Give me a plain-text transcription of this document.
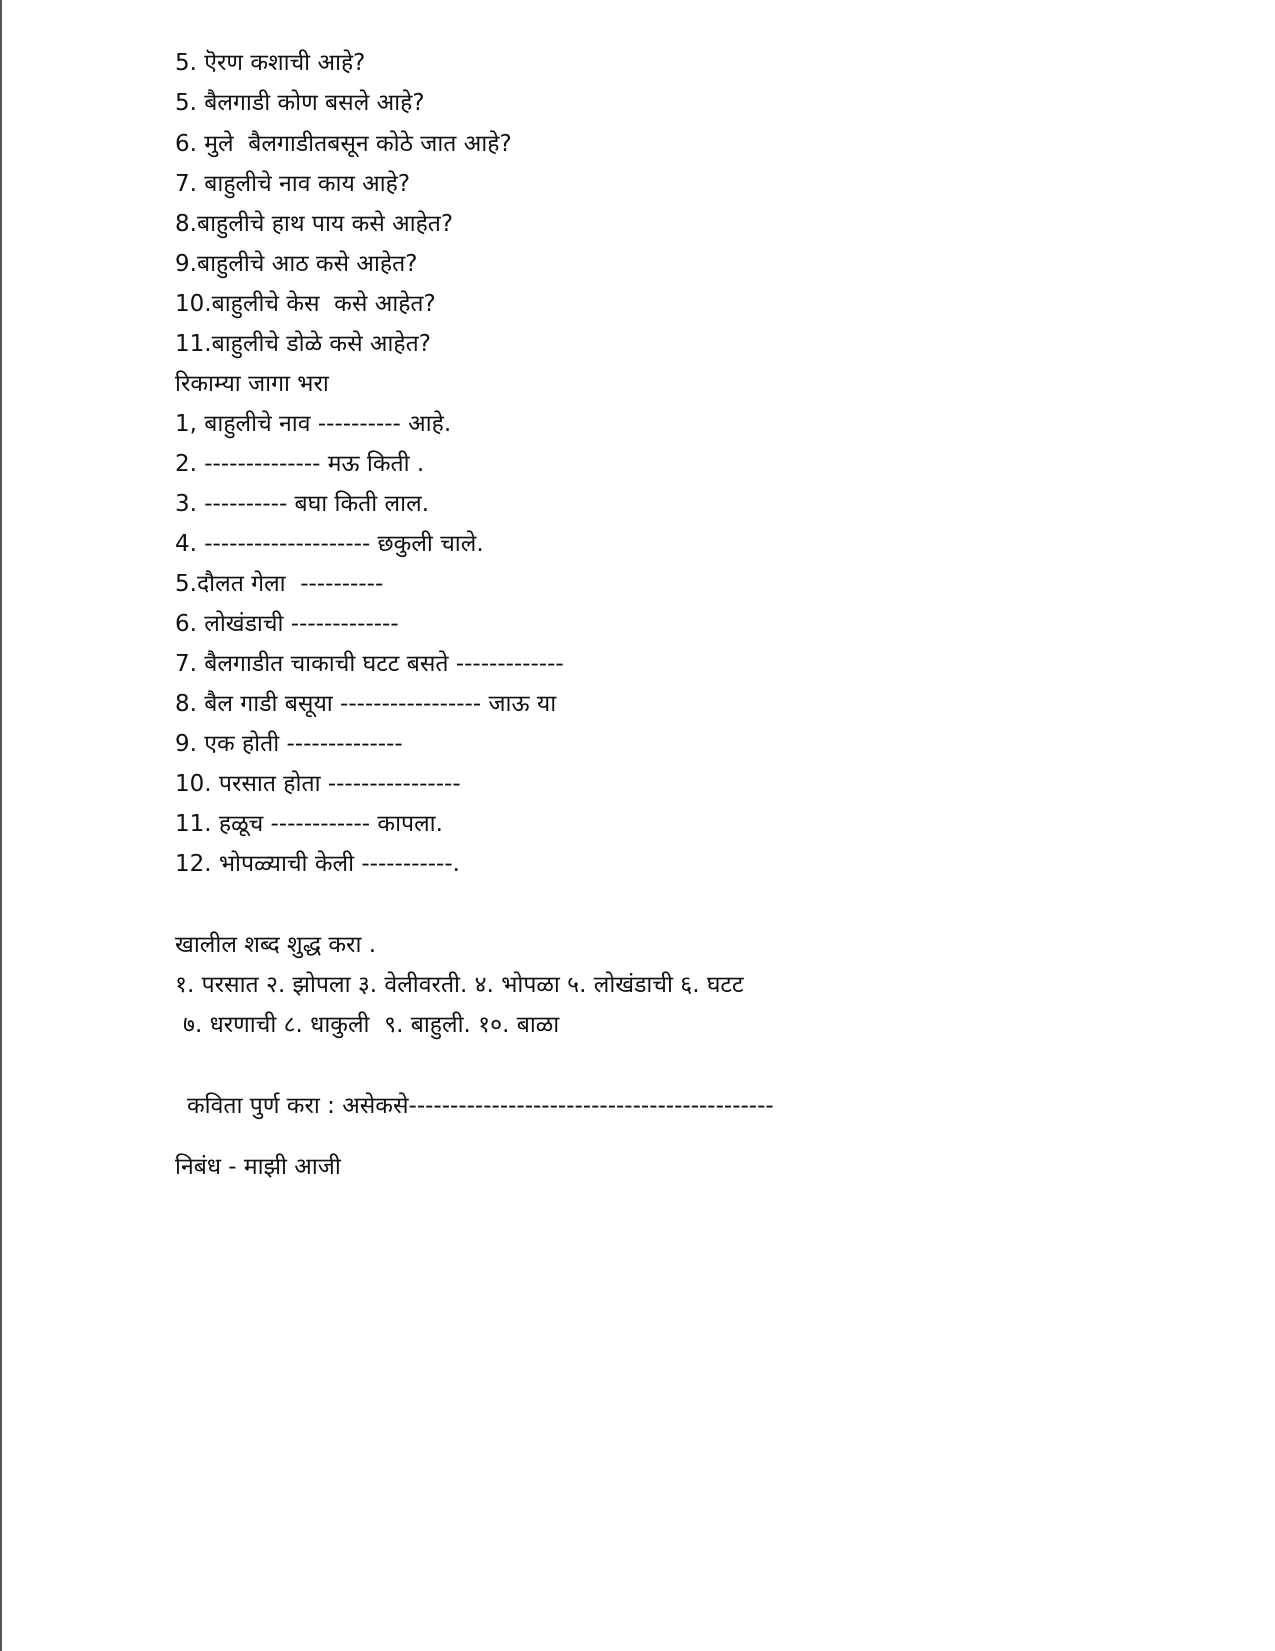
5. ऎरण कशाची आहे?
5. बैलगाडी कोण बसले आहे?
6. मुले  बैलगाडीतबसून कोठे जात आहे?
7. बाहुलीचे नाव काय आहे?
8.बाहुलीचे हाथ पाय कसे आहेत?
9.बाहुलीचे आठ कसे आहेत?
10.बाहुलीचे केस  कसे आहेत?
11.बाहुलीचे डोळे कसे आहेत?
रिकाम्या जागा भरा
1, बाहुलीचे नाव ---------- आहे.
2. -------------- मऊ किती .
3. ---------- बघा किती लाल.
4. -------------------- छकुली चाले.
5.दौलत गेला  ----------
6. लोखंडाची -------------
7. बैलगाडीत चाकाची घटट बसते -------------
8. बैल गाडी बसूया ----------------- जाऊ या
9. एक होती --------------
10. परसात होता ----------------
11. हळूच ------------ कापला.
12. भोपळ्याची केली -----------.
खालील शब्द शुद्ध करा .
१. परसात २. झोपला ३. वेलीवरती. ४. भोपळा ५. लोखंडाची ६. घटट
७. धरणाची ८. धाकुली  ९. बाहुली. १०. बाळा
कविता पुर्ण करा : असेकसे--------------------------------------------
निबंध - माझी आजी
